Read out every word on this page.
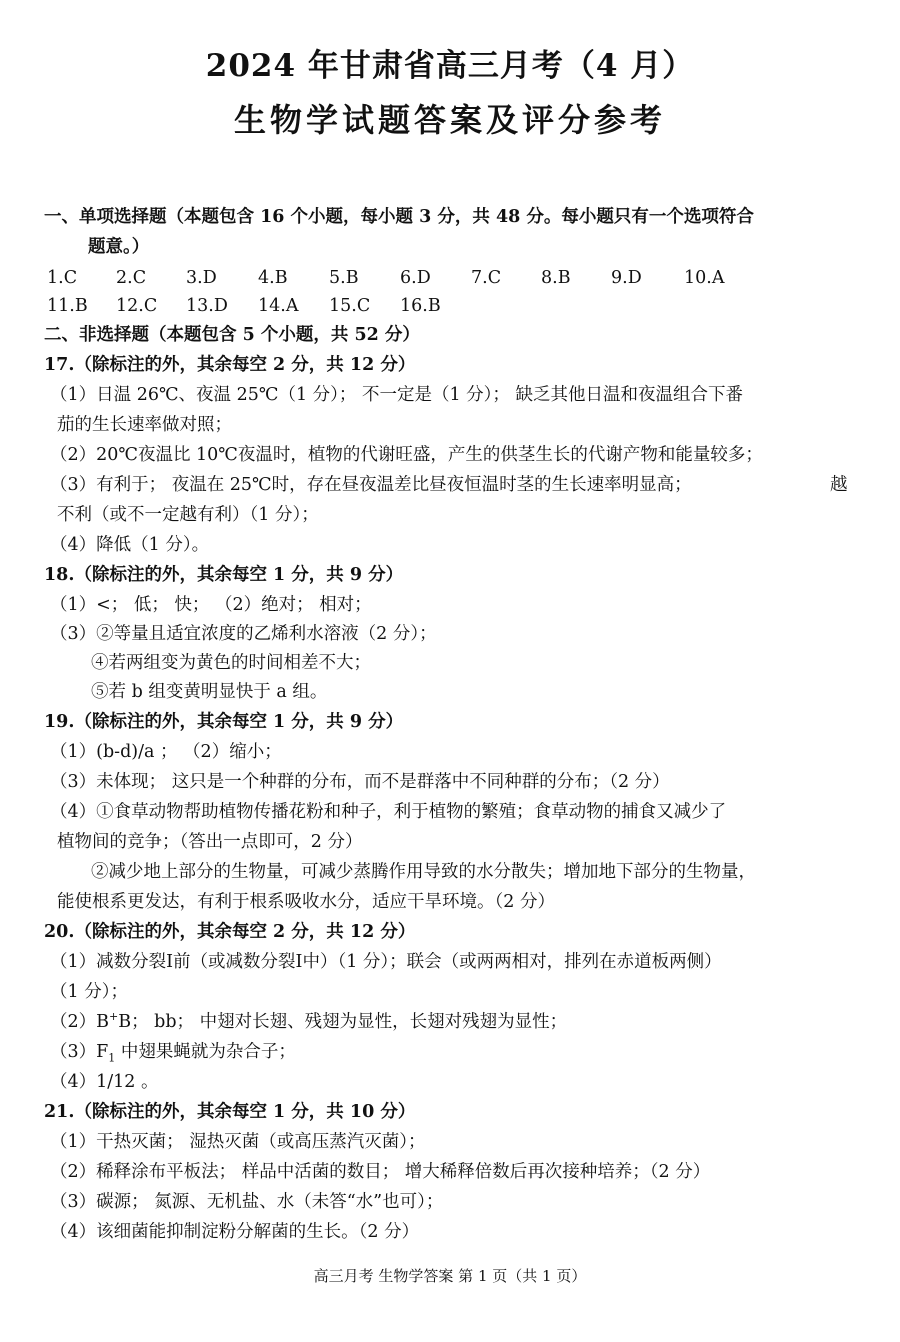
2024 年甘肃省高三月考（4 月）
生物学试题答案及评分参考
一、单项选择题（本题包含 16 个小题，每小题 3 分，共 48 分。每小题只有一个选项符合
题意。）
1.C 2.C 3.D 4.B 5.B 6.D 7.C 8.B 9.D 10.A
11.B 12.C 13.D 14.A 15.C 16.B
二、非选择题（本题包含 5 个小题，共 52 分）
17.（除标注的外，其余每空 2 分，共 12 分）
（1）日温 26℃、夜温 25℃（1 分）； 不一定是（1 分）； 缺乏其他日温和夜温组合下番
茄的生长速率做对照；
（2）20℃夜温比 10℃夜温时，植物的代谢旺盛，产生的供茎生长的代谢产物和能量较多；
（3）有利于； 夜温在 25℃时，存在昼夜温差比昼夜恒温时茎的生长速率明显高；	越
不利（或不一定越有利）（1 分）；
（4）降低（1 分）。
18.（除标注的外，其余每空 1 分，共 9 分）
（1）<； 低； 快； （2）绝对； 相对；
（3）②等量且适宜浓度的乙烯利水溶液（2 分）；
④若两组变为黄色的时间相差不大；
⑤若 b 组变黄明显快于 a 组。
19.（除标注的外，其余每空 1 分，共 9 分）
（1）(b-d)/a ； （2）缩小；
（3）未体现； 这只是一个种群的分布，而不是群落中不同种群的分布；（2 分）
（4）①食草动物帮助植物传播花粉和种子，利于植物的繁殖；食草动物的捕食又减少了
植物间的竞争；（答出一点即可，2 分）
②减少地上部分的生物量，可减少蒸腾作用导致的水分散失；增加地下部分的生物量，
能使根系更发达，有利于根系吸收水分，适应干旱环境。（2 分）
20.（除标注的外，其余每空 2 分，共 12 分）
（1）减数分裂Ⅰ前（或减数分裂Ⅰ中）（1 分）；联会（或两两相对，排列在赤道板两侧）
（1 分）；
（2）B+B； bb； 中翅对长翅、残翅为显性，长翅对残翅为显性；
$(3)F_1$ 中翅果蝇就为杂合子；
（4）1/12 。
21.（除标注的外，其余每空 1 分，共 10 分）
（1）干热灭菌； 湿热灭菌（或高压蒸汽灭菌）；
（2）稀释涂布平板法； 样品中活菌的数目； 增大稀释倍数后再次接种培养；（2 分）
（3）碳源； 氮源、无机盐、水（未答“水”也可）；
（4）该细菌能抑制淀粉分解菌的生长。（2 分）
高三月考 生物学答案 第 1 页（共 1 页）
